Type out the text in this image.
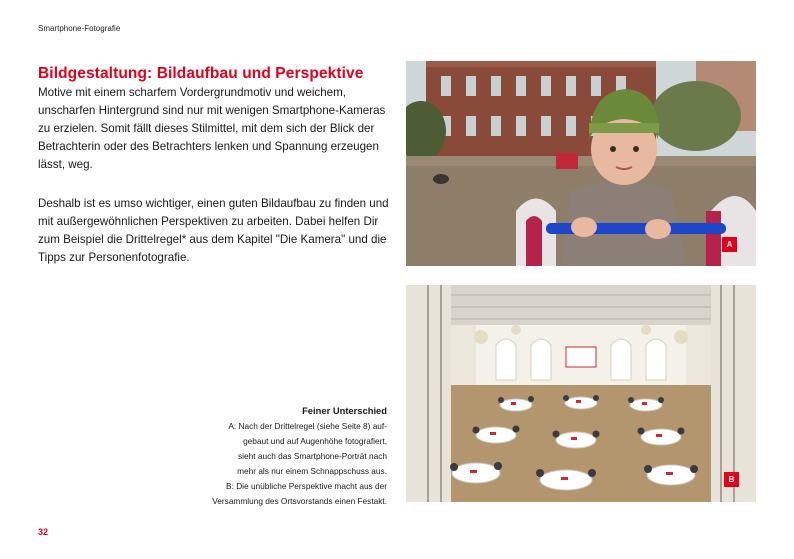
Smartphone-Fotografie
Bildgestaltung: Bildaufbau und Perspektive

Motive mit einem scharfem Vordergrundmotiv und weichem, unscharfen Hintergrund sind nur mit wenigen Smartphone-Kameras zu erzielen. Somit fällt dieses Stilmittel, mit dem sich der Blick der Betrachterin oder des Betrachters lenken und Spannung erzeugen lässt, weg.

Deshalb ist es umso wichtiger, einen guten Bildaufbau zu finden und mit außergewöhnlichen Perspektiven zu arbeiten. Dabei helfen Dir zum Beispiel die Drittelregel* aus dem Kapitel "Die Kamera" und die Tipps zur Personenfotografie.

A
B
Feiner Unterschied
A: Nach der Drittelregel (siehe Seite 8) auf-
gebaut und auf Augenhöhe fotografiert,
sieht auch das Smartphone-Porträt nach
mehr als nur einem Schnappschuss aus.
B: Die unübliche Perspektive macht aus der
Versammlung des Ortsvorstands einen Festakt.
32
